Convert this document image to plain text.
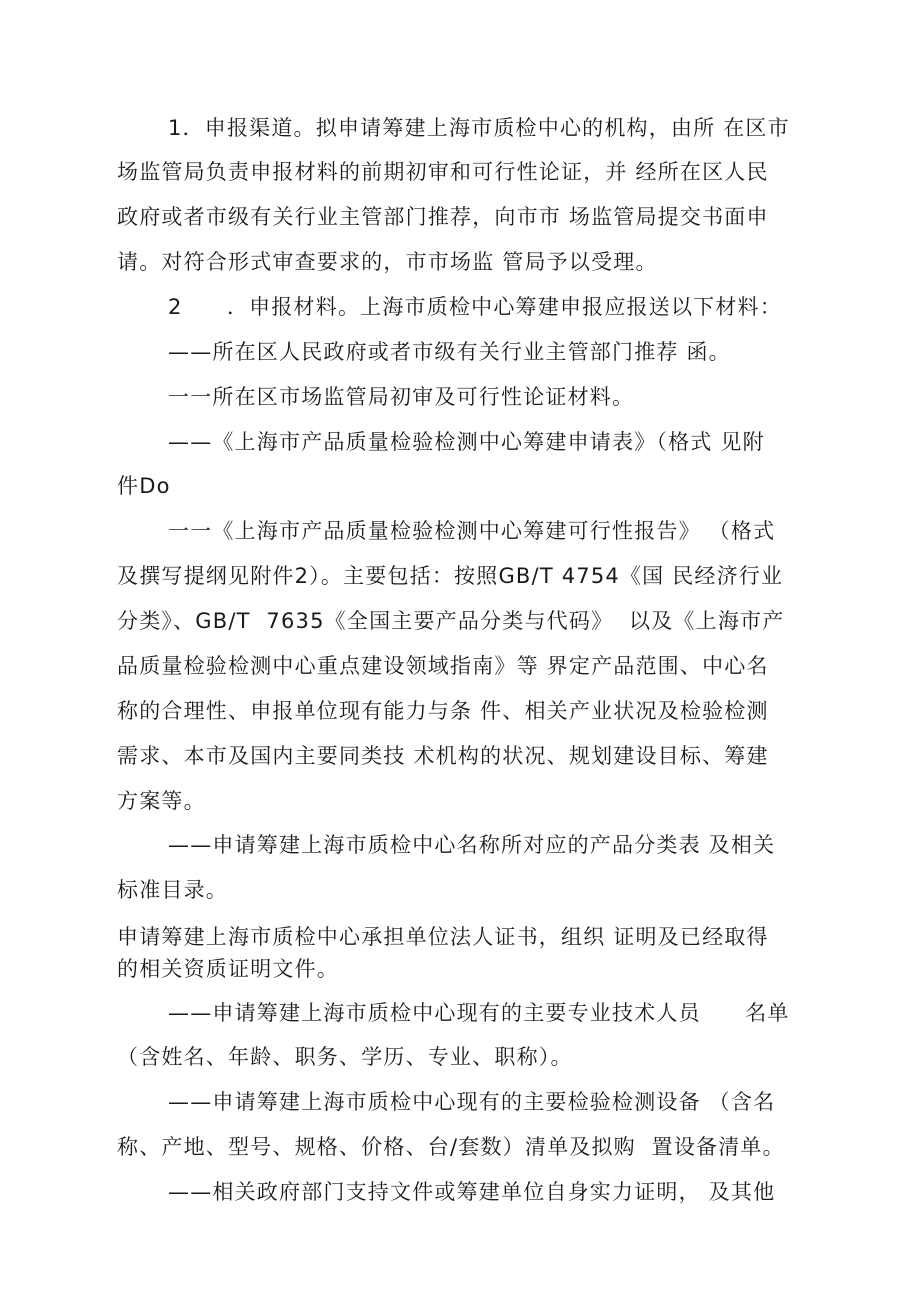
1．申报渠道。拟申请筹建上海市质检中心的机构，由所 在区市
场监管局负责申报材料的前期初审和可行性论证，并 经所在区人民
政府或者市级有关行业主管部门推荐，向市市 场监管局提交书面申
请。对符合形式审查要求的，市市场监 管局予以受理。
2　　．申报材料。上海市质检中心筹建申报应报送以下材料：
——所在区人民政府或者市级有关行业主管部门推荐 函。
一一所在区市场监管局初审及可行性论证材料。
——《上海市产品质量检验检测中心筹建申请表》（格式 见附
件Do
一一《上海市产品质量检验检测中心筹建可行性报告》 （格式
及撰写提纲见附件2）。主要包括：按照GB/T 4754《国 民经济行业
分类》、GB/T  7635《全国主要产品分类与代码》  以及《上海市产
品质量检验检测中心重点建设领域指南》等 界定产品范围、中心名
称的合理性、申报单位现有能力与条 件、相关产业状况及检验检测
需求、本市及国内主要同类技 术机构的状况、规划建设目标、筹建
方案等。
——申请筹建上海市质检中心名称所对应的产品分类表 及相关
标准目录。
申请筹建上海市质检中心承担单位法人证书，组织 证明及已经取得
的相关资质证明文件。
——申请筹建上海市质检中心现有的主要专业技术人员　　名单
（含姓名、年龄、职务、学历、专业、职称）。
——申请筹建上海市质检中心现有的主要检验检测设备 （含名
称、产地、型号、规格、价格、台/套数）清单及拟购  置设备清单。
——相关政府部门支持文件或筹建单位自身实力证明， 及其他
